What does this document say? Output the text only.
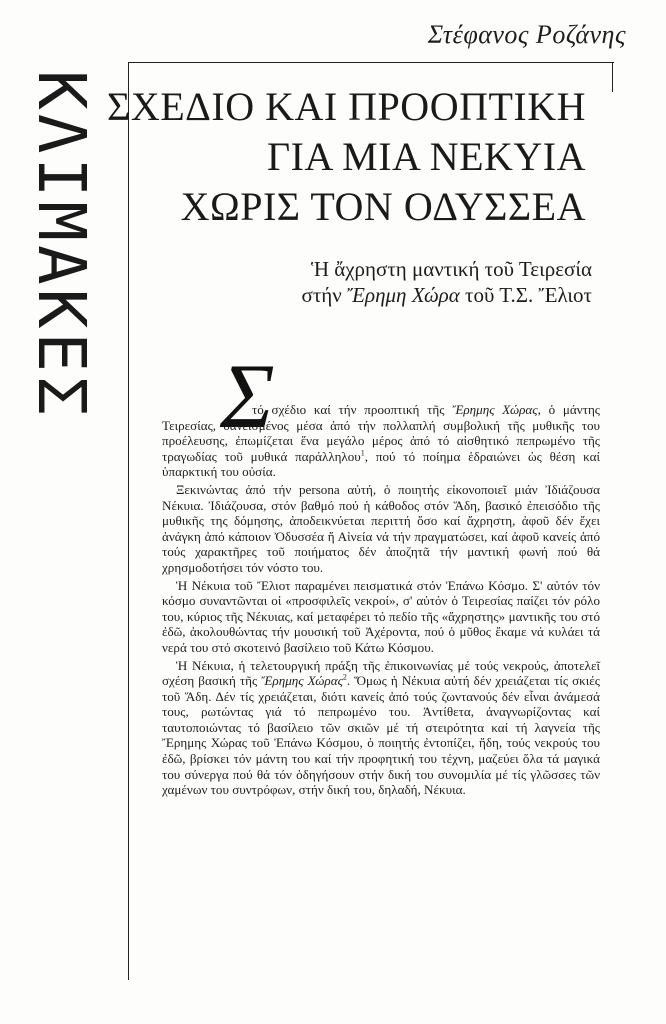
Στέφανος Ροζάνης
ΚΛΙΜΑΚΕΣ ΣΧΕΔΙΟ ΚΑΙ ΠΡΟΟΠΤΙΚΗ
ΓΙΑ ΜΙΑ ΝΕΚΥΙΑ
ΧΩΡΙΣ ΤΟΝ ΟΔΥΣΣΕΑ
Ἡ ἄχρηστη μαντική τοῦ Τειρεσία
στήν Ἔρημη Χώρα τοῦ Τ.Σ. Ἔλιοτ
Σ

τό σχέδιο καί τήν προοπτική τῆς Ἔρημης Χώρας, ὁ μάντης Τειρεσίας, δανεισμένος μέσα ἀπό τήν πολλαπλή συμβολική τῆς μυθικῆς του προέλευσης, ἐπωμίζεται ἕνα μεγάλο μέρος ἀπό τό αἰσθητικό πεπρωμένο τῆς τραγωδίας τοῦ μυθικά παράλληλου$^1$, πού τό ποίημα ἑδραιώνει ὡς θέση καί ὑπαρκτική του οὐσία.

Ξεκινώντας ἀπό τήν persona αὐτή, ὁ ποιητής εἰκονοποιεῖ μιάν Ἰδιάζουσα Νέκυια. Ἰδιάζουσα, στόν βαθμό πού ἡ κάθοδος στόν Ἅδη, βασικό ἐπεισόδιο τῆς μυθικῆς της δόμησης, ἀποδεικνύεται περιττή ὅσο καί ἄχρηστη, ἀφοῦ δέν ἔχει ἀνάγκη ἀπό κάποιον Ὀδυσσέα ἤ Αἰνεία νά τήν πραγματώσει, καί ἀφοῦ κανείς ἀπό τούς χαρακτῆρες τοῦ ποιήματος δέν ἀποζητᾶ τήν μαντική φωνή πού θά χρησμοδοτήσει τόν νόστο του.

Ἡ Νέκυια τοῦ Ἔλιοτ παραμένει πεισματικά στόν Ἐπάνω Κόσμο. Σ' αὐτόν τόν κόσμο συναντῶνται οἱ «προσφιλεῖς νεκροί», σ' αὐτόν ὁ Τειρεσίας παίζει τόν ρόλο του, κύριος τῆς Νέκυιας, καί μεταφέρει τό πεδίο τῆς «ἄχρηστης» μαντικῆς του στό ἐδῶ, ἀκολουθώντας τήν μουσική τοῦ Ἀχέροντα, πού ὁ μῦθος ἔκαμε νά κυλάει τά νερά του στό σκοτεινό βασίλειο τοῦ Κάτω Κόσμου.

Ἡ Νέκυια, ἡ τελετουργική πράξη τῆς ἐπικοινωνίας μέ τούς νεκρούς, ἀποτελεῖ σχέση βασική τῆς Ἔρημης Χώρας$^2$. Ὅμως ἡ Νέκυια αὐτή δέν χρειάζεται τίς σκιές τοῦ Ἅδη. Δέν τίς χρειάζεται, διότι κανείς ἀπό τούς ζωντανούς δέν εἶναι ἀνάμεσά τους, ρωτώντας γιά τό πεπρωμένο του. Ἀντίθετα, ἀναγνωρίζοντας καί ταυτοποιώντας τό βασίλειο τῶν σκιῶν μέ τή στειρότητα καί τή λαγνεία τῆς Ἔρημης Χώρας τοῦ Ἐπάνω Κόσμου, ὁ ποιητής ἐντοπίζει, ἤδη, τούς νεκρούς του ἐδῶ, βρίσκει τόν μάντη του καί τήν προφητική του τέχνη, μαζεύει ὅλα τά μαγικά του σύνεργα πού θά τόν ὁδηγήσουν στήν δική του συνομιλία μέ τίς γλῶσσες τῶν χαμένων του συντρόφων, στήν δική του, δηλαδή, Νέκυια.
